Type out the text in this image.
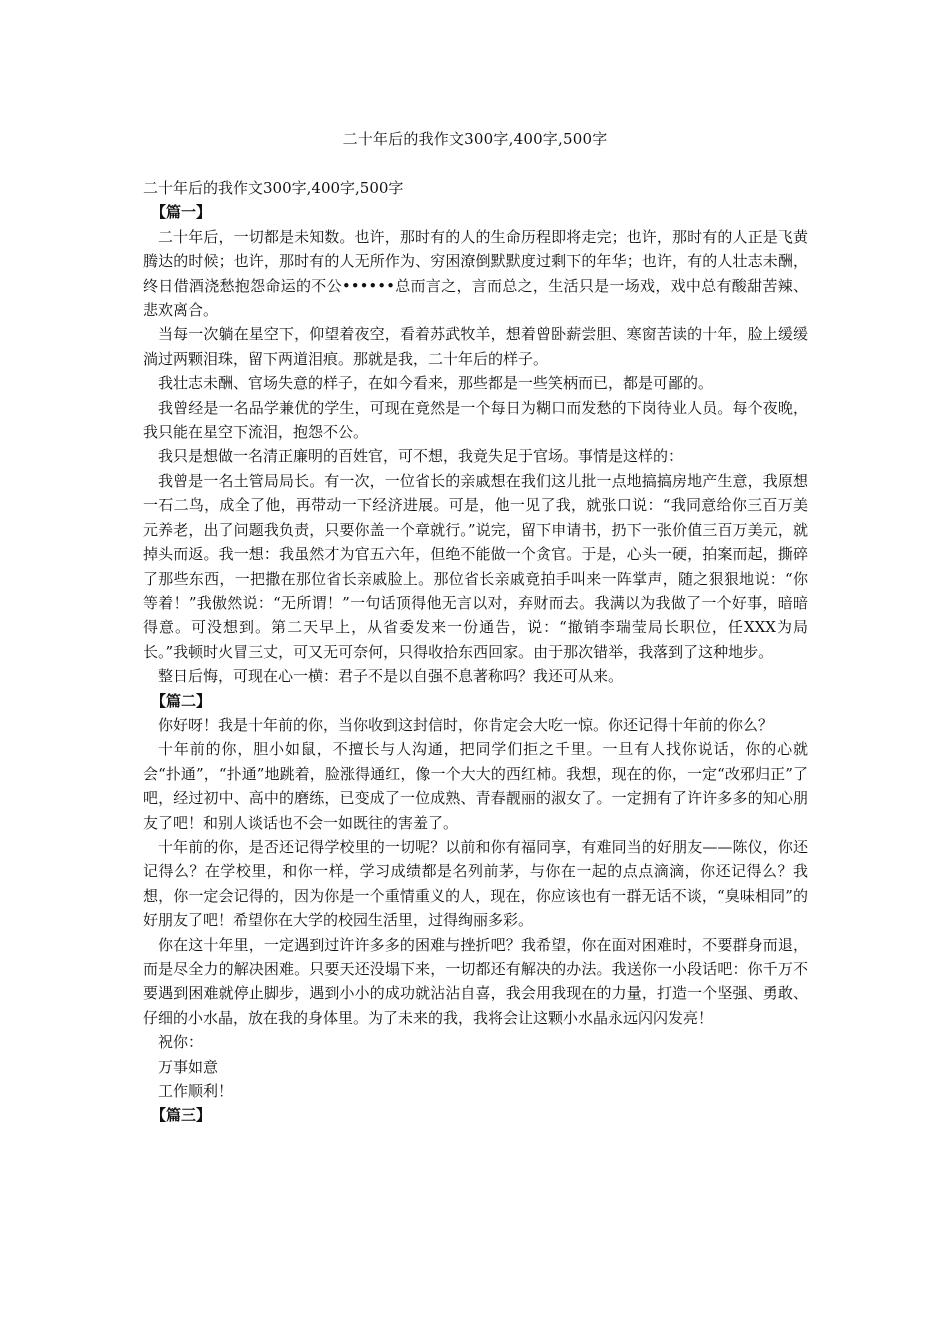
二十年后的我作文300字,400字,500字

二十年后的我作文300字,400字,500字

【篇一】

二十年后，一切都是未知数。也许，那时有的人的生命历程即将走完；也许，那时有的人正是飞黄腾达的时候；也许，那时有的人无所作为、穷困潦倒默默度过剩下的年华；也许，有的人壮志未酬，终日借酒浇愁抱怨命运的不公••••••总而言之，言而总之，生活只是一场戏，戏中总有酸甜苦辣、悲欢离合。

当每一次躺在星空下，仰望着夜空，看着苏武牧羊，想着曾卧薪尝胆、寒窗苦读的十年，脸上缓缓淌过两颗泪珠，留下两道泪痕。那就是我，二十年后的样子。

我壮志未酬、官场失意的样子，在如今看来，那些都是一些笑柄而已，都是可鄙的。

我曾经是一名品学兼优的学生，可现在竟然是一个每日为糊口而发愁的下岗待业人员。每个夜晚，我只能在星空下流泪，抱怨不公。

我只是想做一名清正廉明的百姓官，可不想，我竟失足于官场。事情是这样的：

我曾是一名土管局局长。有一次，一位省长的亲戚想在我们这儿批一点地搞搞房地产生意，我原想一石二鸟，成全了他，再带动一下经济进展。可是，他一见了我，就张口说：“我同意给你三百万美元养老，出了问题我负责，只要你盖一个章就行。”说完，留下申请书，扔下一张价值三百万美元，就掉头而返。我一想：我虽然才为官五六年，但绝不能做一个贪官。于是，心头一硬，拍案而起，撕碎了那些东西，一把撒在那位省长亲戚脸上。那位省长亲戚竟拍手叫来一阵掌声，随之狠狠地说：“你等着！”我傲然说：“无所谓！”一句话顶得他无言以对，弃财而去。我满以为我做了一个好事，暗暗得意。可没想到。第二天早上，从省委发来一份通告，说：“撤销李瑞莹局长职位，任XXX为局长。”我顿时火冒三丈，可又无可奈何，只得收拾东西回家。由于那次错举，我落到了这种地步。

整日后悔，可现在心一横：君子不是以自强不息著称吗？我还可从来。

【篇二】

你好呀！我是十年前的你，当你收到这封信时，你肯定会大吃一惊。你还记得十年前的你么？

十年前的你，胆小如鼠，不擅长与人沟通，把同学们拒之千里。一旦有人找你说话，你的心就会“扑通”，“扑通”地跳着，脸涨得通红，像一个大大的西红柿。我想，现在的你，一定“改邪归正”了吧，经过初中、高中的磨练，已变成了一位成熟、青春靓丽的淑女了。一定拥有了许许多多的知心朋友了吧！和别人谈话也不会一如既往的害羞了。

十年前的你，是否还记得学校里的一切呢？以前和你有福同享，有难同当的好朋友——陈仪，你还记得么？在学校里，和你一样，学习成绩都是名列前茅，与你在一起的点点滴滴，你还记得么？我想，你一定会记得的，因为你是一个重情重义的人，现在，你应该也有一群无话不谈，“臭味相同”的好朋友了吧！希望你在大学的校园生活里，过得绚丽多彩。

你在这十年里，一定遇到过许许多多的困难与挫折吧？我希望，你在面对困难时，不要群身而退，而是尽全力的解决困难。只要天还没塌下来，一切都还有解决的办法。我送你一小段话吧：你千万不要遇到困难就停止脚步，遇到小小的成功就沾沾自喜，我会用我现在的力量，打造一个坚强、勇敢、仔细的小水晶，放在我的身体里。为了未来的我，我将会让这颗小水晶永远闪闪发亮！

祝你：

万事如意

工作顺利！

【篇三】
